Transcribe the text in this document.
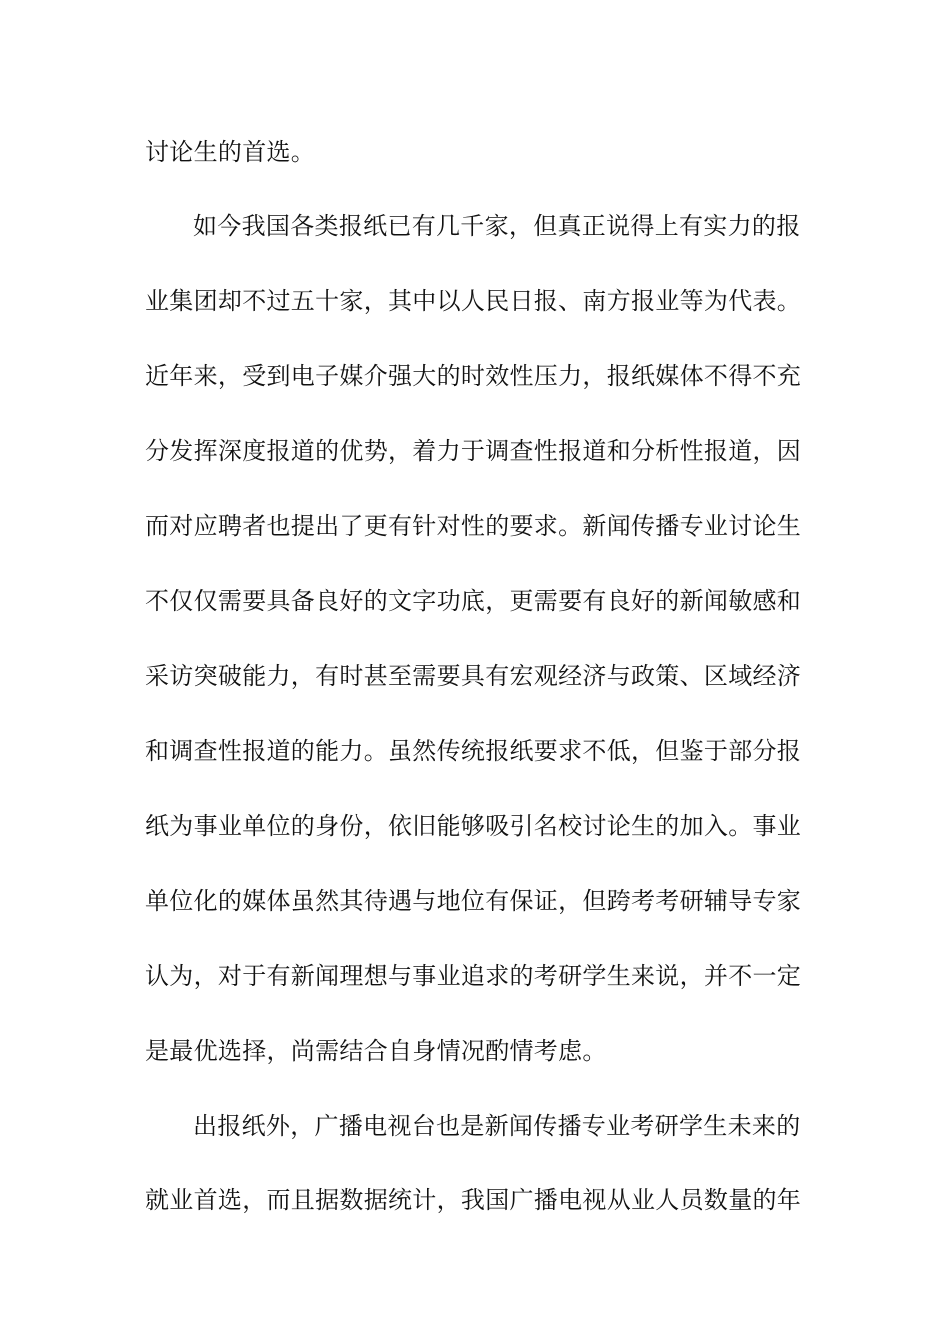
讨论生的首选。
如今我国各类报纸已有几千家，但真正说得上有实力的报
业集团却不过五十家，其中以人民日报、南方报业等为代表。
近年来，受到电子媒介强大的时效性压力，报纸媒体不得不充
分发挥深度报道的优势，着力于调查性报道和分析性报道，因
而对应聘者也提出了更有针对性的要求。新闻传播专业讨论生
不仅仅需要具备良好的文字功底，更需要有良好的新闻敏感和
采访突破能力，有时甚至需要具有宏观经济与政策、区域经济
和调查性报道的能力。虽然传统报纸要求不低，但鉴于部分报
纸为事业单位的身份，依旧能够吸引名校讨论生的加入。事业
单位化的媒体虽然其待遇与地位有保证，但跨考考研辅导专家
认为，对于有新闻理想与事业追求的考研学生来说，并不一定
是最优选择，尚需结合自身情况酌情考虑。
出报纸外，广播电视台也是新闻传播专业考研学生未来的
就业首选，而且据数据统计，我国广播电视从业人员数量的年
